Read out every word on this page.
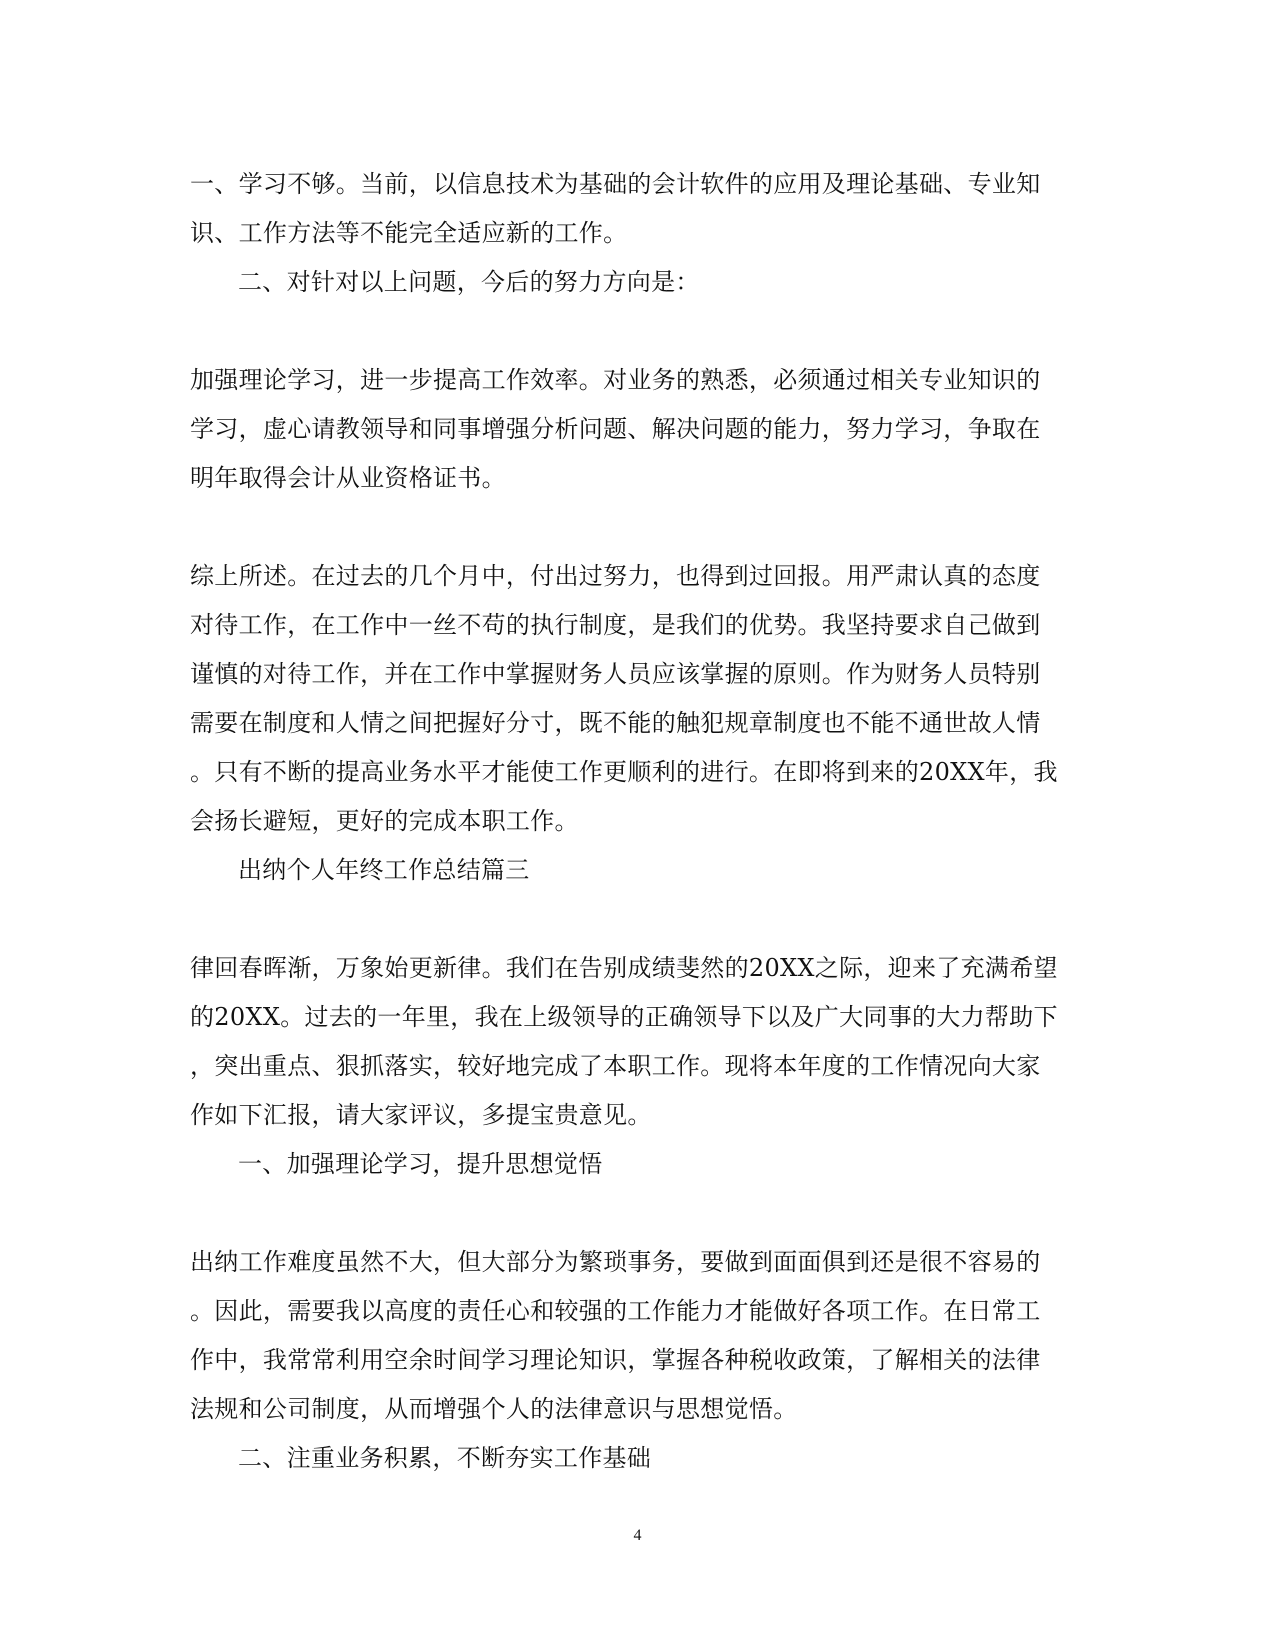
一、学习不够。当前，以信息技术为基础的会计软件的应用及理论基础、专业知
识、工作方法等不能完全适应新的工作。
二、对针对以上问题，今后的努力方向是：
加强理论学习，进一步提高工作效率。对业务的熟悉，必须通过相关专业知识的
学习，虚心请教领导和同事增强分析问题、解决问题的能力，努力学习，争取在
明年取得会计从业资格证书。
综上所述。在过去的几个月中，付出过努力，也得到过回报。用严肃认真的态度
对待工作，在工作中一丝不苟的执行制度，是我们的优势。我坚持要求自己做到
谨慎的对待工作，并在工作中掌握财务人员应该掌握的原则。作为财务人员特别
需要在制度和人情之间把握好分寸，既不能的触犯规章制度也不能不通世故人情
。只有不断的提高业务水平才能使工作更顺利的进行。在即将到来的20XX年，我
会扬长避短，更好的完成本职工作。
出纳个人年终工作总结篇三
律回春晖渐，万象始更新律。我们在告别成绩斐然的20XX之际，迎来了充满希望
的20XX。过去的一年里，我在上级领导的正确领导下以及广大同事的大力帮助下
，突出重点、狠抓落实，较好地完成了本职工作。现将本年度的工作情况向大家
作如下汇报，请大家评议，多提宝贵意见。
一、加强理论学习，提升思想觉悟
出纳工作难度虽然不大，但大部分为繁琐事务，要做到面面俱到还是很不容易的
。因此，需要我以高度的责任心和较强的工作能力才能做好各项工作。在日常工
作中，我常常利用空余时间学习理论知识，掌握各种税收政策，了解相关的法律
法规和公司制度，从而增强个人的法律意识与思想觉悟。
二、注重业务积累，不断夯实工作基础
4
